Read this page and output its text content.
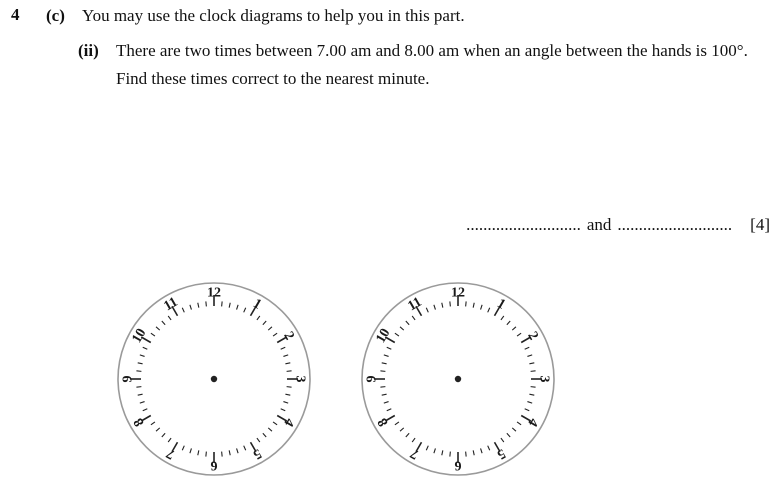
4 (c) You may use the clock diagrams to help you in this part.
(ii) There are two times between 7.00 am and 8.00 am when an angle between the hands is 100°.
Find these times correct to the nearest minute.
........................... and ........................... [4]
12
1
2
3
4
5
6
7
8
9
10
11
12
1
2
3
4
5
6
7
8
9
10
11
